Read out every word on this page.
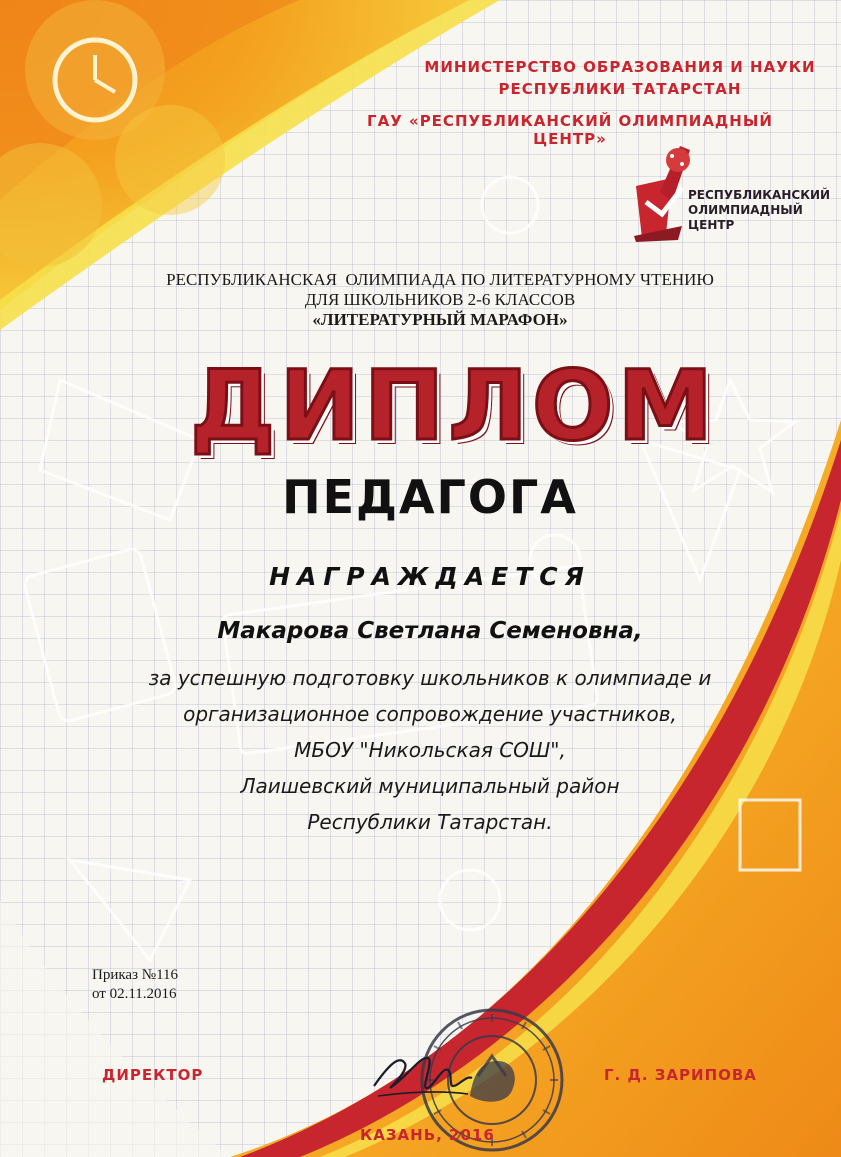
МИНИСТЕРСТВО ОБРАЗОВАНИЯ И НАУКИ
РЕСПУБЛИКИ ТАТАРСТАН
ГАУ «РЕСПУБЛИКАНСКИЙ ОЛИМПИАДНЫЙ ЦЕНТР»
РЕСПУБЛИКАНСКИЙ
ОЛИМПИАДНЫЙ
ЦЕНТР
РЕСПУБЛИКАНСКАЯ  ОЛИМПИАДА ПО ЛИТЕРАТУРНОМУ ЧТЕНИЮ
ДЛЯ ШКОЛЬНИКОВ 2-6 КЛАССОВ
«ЛИТЕРАТУРНЫЙ МАРАФОН»
ДИПЛОМ
ПЕДАГОГА
НАГРАЖДАЕТСЯ
Макарова Светлана Семеновна,
за успешную подготовку школьников к олимпиаде и
организационное сопровождение участников,
МБОУ "Никольская СОШ",
Лаишевский муниципальный район
Республики Татарстан.
Приказ №116
от 02.11.2016
ДИРЕКТОР	Г. Д. ЗАРИПОВА
КАЗАНЬ, 2016
